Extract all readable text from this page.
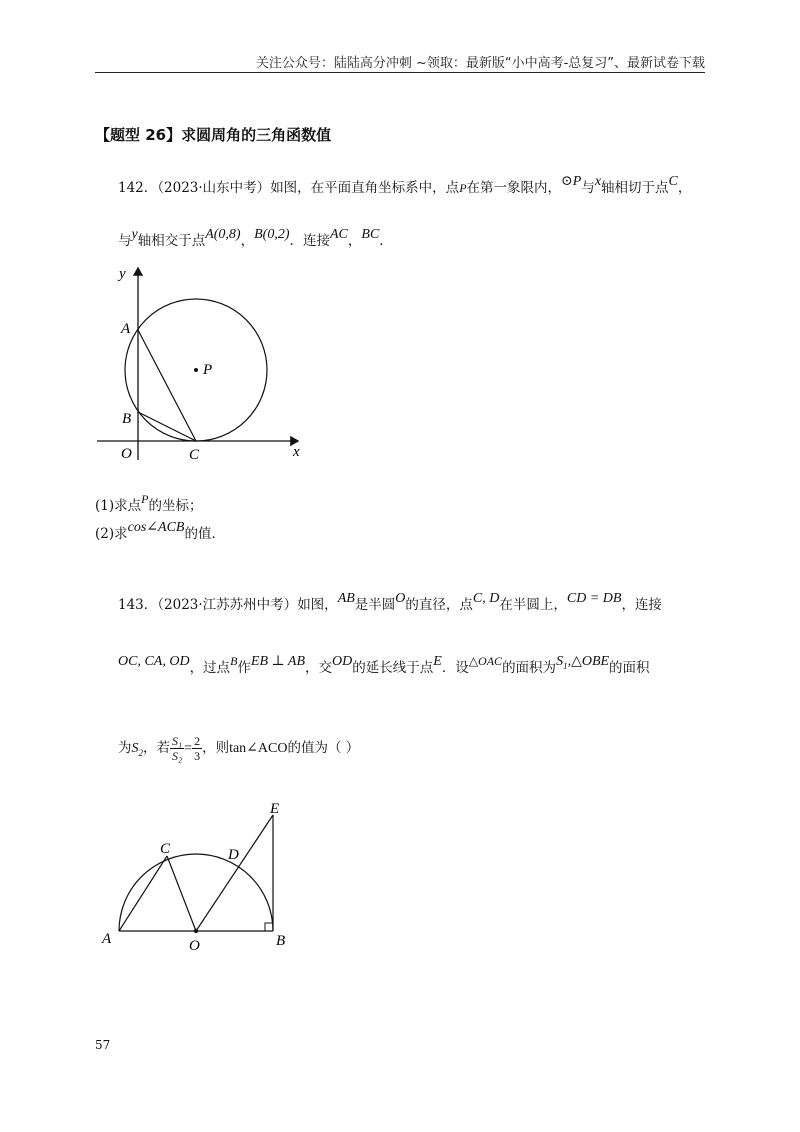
关注公众号：陆陆高分冲刺 ~领取：最新版“小中高考-总复习”、最新试卷下载
【题型 26】求圆周角的三角函数值
142．（2023·山东中考）如图，在平面直角坐标系中，点P在第一象限内，⊙P与x轴相切于点C，
与y轴相交于点A(0,8)，B(0,2)．连接AC，BC．
y
x
A
B
O	C
P
(1)求点P的坐标；
(2)求cos∠ACB的值．
143．（2023·江苏苏州中考）如图，AB是半圆O的直径，点C, D在半圆上，CD = DB，连接
OC, CA, OD，过点B作EB ⊥ AB，交OD的延长线于点E．设△OAC的面积为$S_1,\triangle OBE$的面积
为$S_2$，若 $\frac{\text{S₁}}{\text{S₂}} = \frac{2}{3}$ ，则tan∠ACO的值为（ ）
A	B
C	D
E
O
57
